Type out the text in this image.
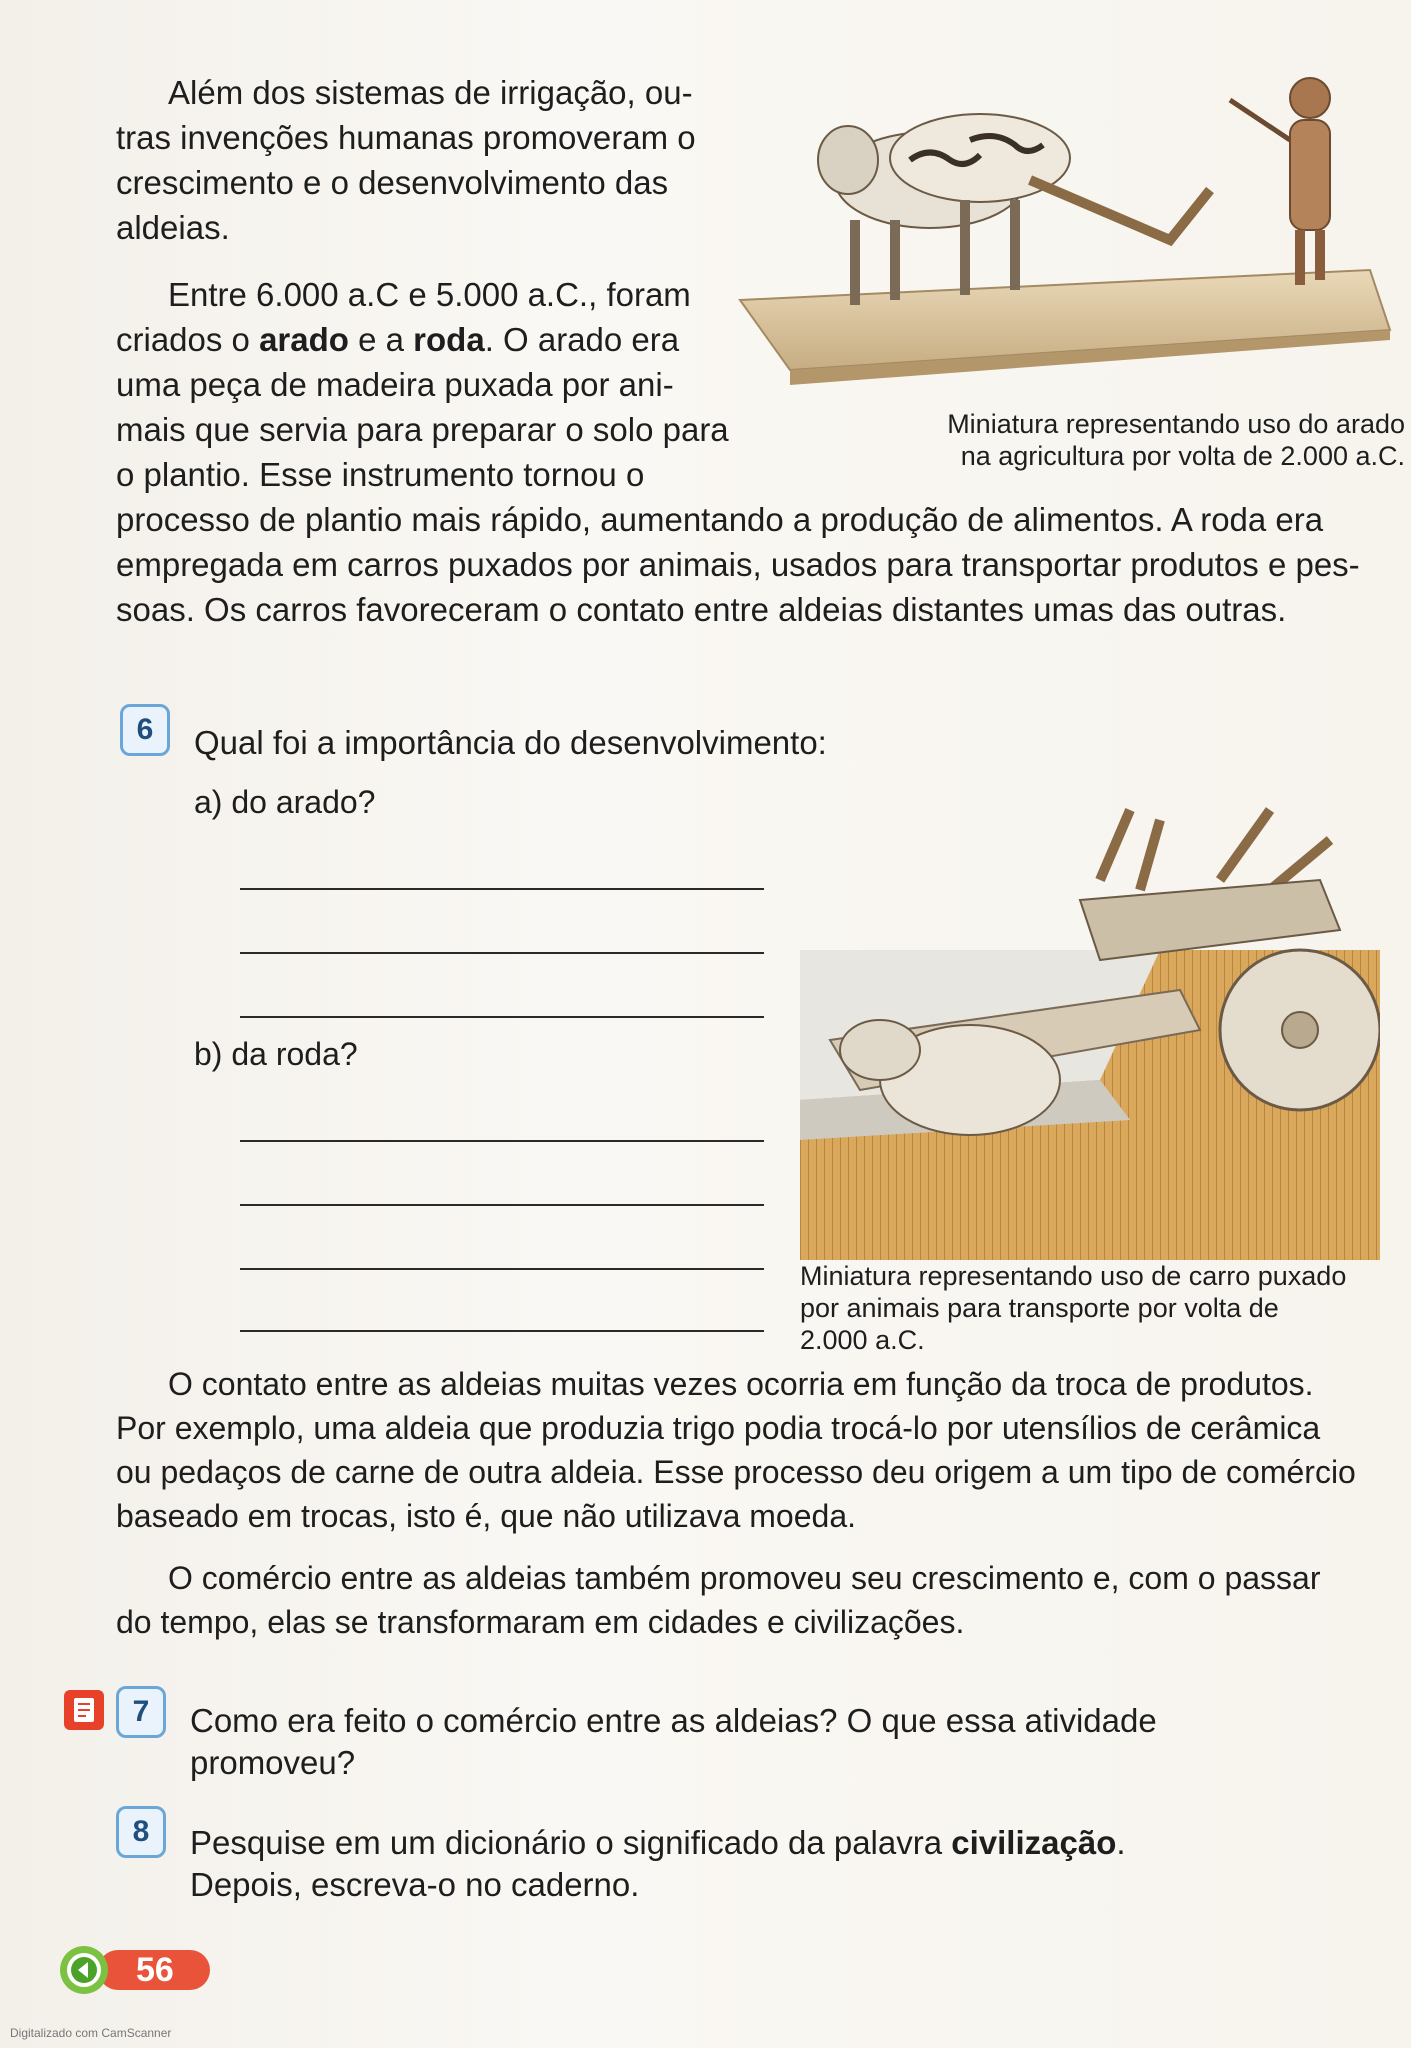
Além dos sistemas de irrigação, ou-
tras invenções humanas promoveram o
crescimento e o desenvolvimento das
aldeias.
Entre 6.000 a.C e 5.000 a.C., foram
criados o arado e a roda. O arado era
uma peça de madeira puxada por ani-
mais que servia para preparar o solo para
o plantio. Esse instrumento tornou o
processo de plantio mais rápido, aumentando a produção de alimentos. A roda era
empregada em carros puxados por animais, usados para transportar produtos e pes-
soas. Os carros favoreceram o contato entre aldeias distantes umas das outras.
Miniatura representando uso do arado
na agricultura por volta de 2.000 a.C.
6 Qual foi a importância do desenvolvimento:
a) do arado?
b) da roda?
Miniatura representando uso de carro puxado
por animais para transporte por volta de
2.000 a.C.
O contato entre as aldeias muitas vezes ocorria em função da troca de produtos.
Por exemplo, uma aldeia que produzia trigo podia trocá-lo por utensílios de cerâmica
ou pedaços de carne de outra aldeia. Esse processo deu origem a um tipo de comércio
baseado em trocas, isto é, que não utilizava moeda.
O comércio entre as aldeias também promoveu seu crescimento e, com o passar
do tempo, elas se transformaram em cidades e civilizações.
7 Como era feito o comércio entre as aldeias? O que essa atividade
promoveu?
8 Pesquise em um dicionário o significado da palavra civilização.
Depois, escreva-o no caderno.
56
Digitalizado com CamScanner
